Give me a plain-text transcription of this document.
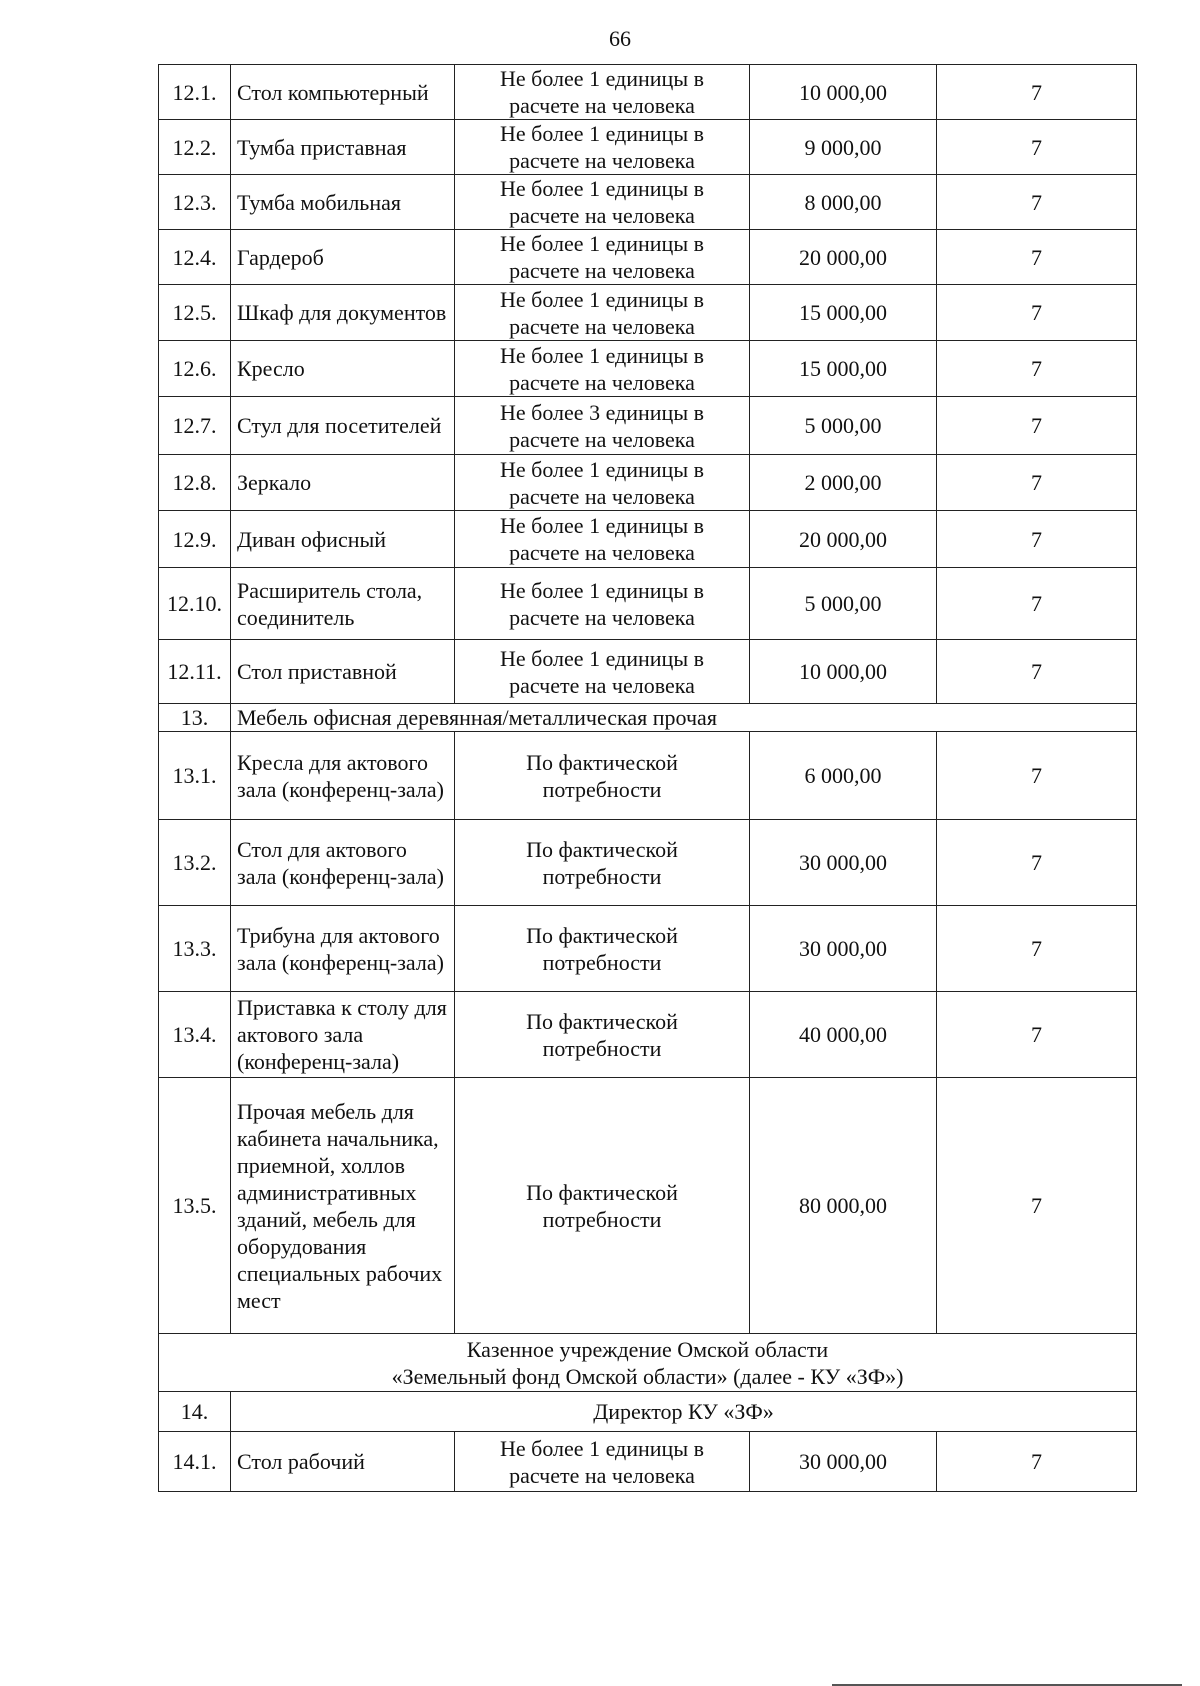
66
12.1.	Стол компьютерный	Не более 1 единицы в
расчете на человека	10 000,00	7
12.2.	Тумба приставная	Не более 1 единицы в
расчете на человека	9 000,00	7
12.3.	Тумба мобильная	Не более 1 единицы в
расчете на человека	8 000,00	7
12.4.	Гардероб	Не более 1 единицы в
расчете на человека	20 000,00	7
12.5.	Шкаф для документов	Не более 1 единицы в
расчете на человека	15 000,00	7
12.6.	Кресло	Не более 1 единицы в
расчете на человека	15 000,00	7
12.7.	Стул для посетителей	Не более 3 единицы в
расчете на человека	5 000,00	7
12.8.	Зеркало	Не более 1 единицы в
расчете на человека	2 000,00	7
12.9.	Диван офисный	Не более 1 единицы в
расчете на человека	20 000,00	7
12.10.	Расширитель стола, соединитель	Не более 1 единицы в
расчете на человека	5 000,00	7
12.11.	Стол приставной	Не более 1 единицы в
расчете на человека	10 000,00	7
13.	Мебель офисная деревянная/металлическая прочая			
13.1.	Кресла для актового зала (конференц-зала)	По фактической
потребности	6 000,00	7
13.2.	Стол для актового зала (конференц-зала)	По фактической
потребности	30 000,00	7
13.3.	Трибуна для актового зала (конференц-зала)	По фактической
потребности	30 000,00	7
13.4.	Приставка к столу для актового зала (конференц-зала)	По фактической
потребности	40 000,00	7
13.5.	Прочая мебель для кабинета начальника, приемной, холлов административных зданий, мебель для оборудования специальных рабочих мест	По фактической
потребности	80 000,00	7

Казенное учреждение Омской области
«Земельный фонд Омской области» (далее - КУ «ЗФ»)				

14.	Директор КУ «ЗФ»			
14.1.	Стол рабочий	Не более 1 единицы в
расчете на человека	30 000,00	7
